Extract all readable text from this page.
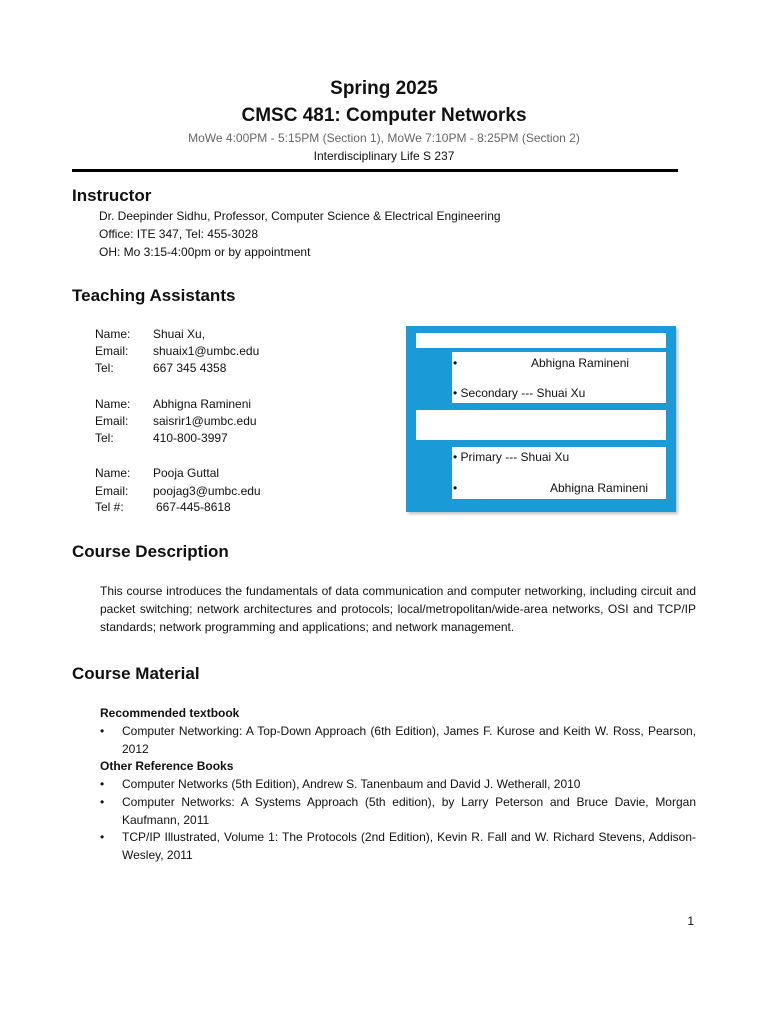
Spring 2025
CMSC 481: Computer Networks
MoWe 4:00PM - 5:15PM (Section 1), MoWe 7:10PM - 8:25PM (Section 2)
Interdisciplinary Life S 237
Instructor
Dr. Deepinder Sidhu, Professor, Computer Science & Electrical Engineering
Office: ITE 347, Tel: 455-3028
OH: Mo 3:15-4:00pm or by appointment
Teaching Assistants
Name: Shuai Xu,
Email: shuaix1@umbc.edu
Tel:	667 345 4358
Name: Abhigna Ramineni
Email: saisrir1@umbc.edu
Tel:	410-800-3997
Name: Pooja Guttal
Email: poojag3@umbc.edu
Tel #:	667-445-8618
•	Abhigna Ramineni
• Secondary --- Shuai Xu
• Primary --- Shuai Xu
•	Abhigna Ramineni
Course Description
This course introduces the fundamentals of data communication and computer networking, including circuit and packet switching; network architectures and protocols; local/metropolitan/wide-area networks, OSI and TCP/IP standards; network programming and applications; and network management.
Course Material
Recommended textbook
• Computer Networking: A Top-Down Approach (6th Edition), James F. Kurose and Keith W. Ross, Pearson, 2012
Other Reference Books
• Computer Networks (5th Edition), Andrew S. Tanenbaum and David J. Wetherall, 2010
• Computer Networks: A Systems Approach (5th edition), by Larry Peterson and Bruce Davie, Morgan Kaufmann, 2011
• TCP/IP Illustrated, Volume 1: The Protocols (2nd Edition), Kevin R. Fall and W. Richard Stevens, Addison-Wesley, 2011
1
